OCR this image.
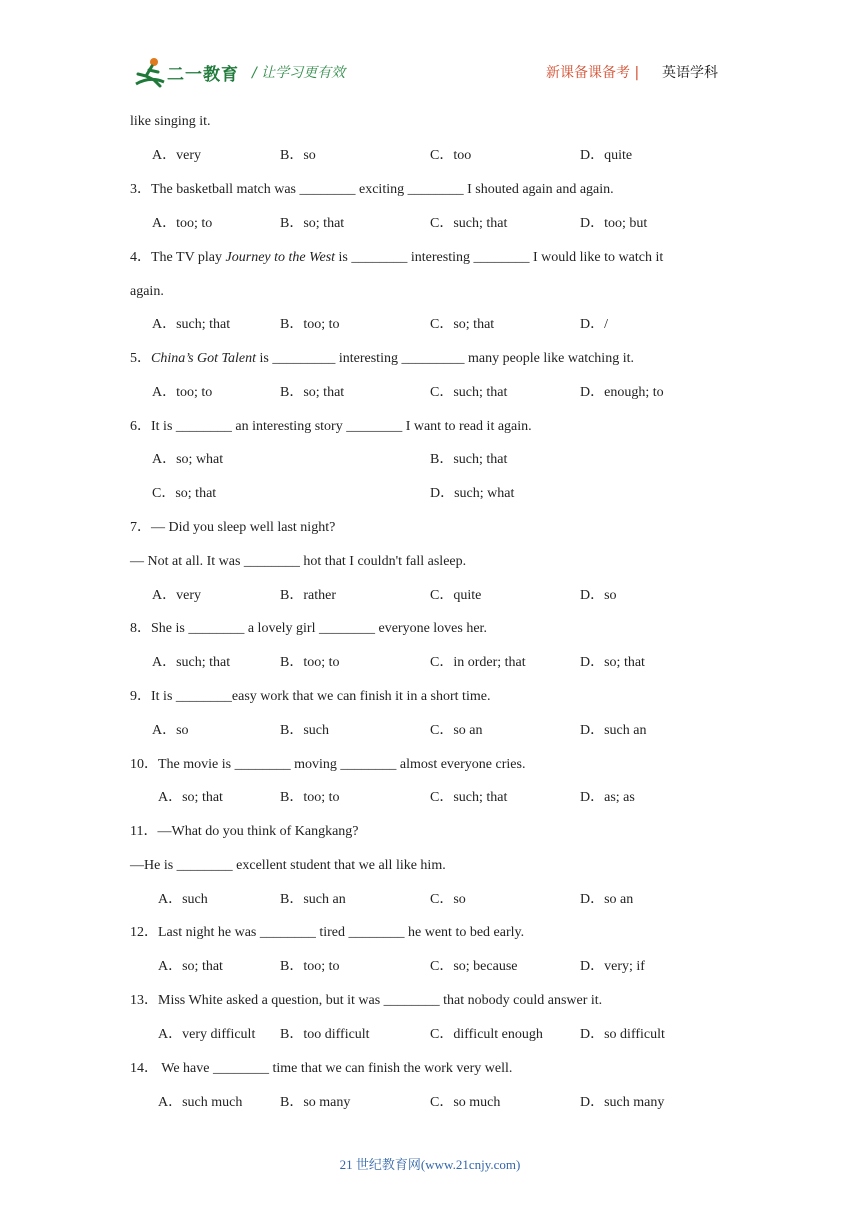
二一教育 / 让学习更有效	新课备课备考 | 英语学科
like singing it.
A．very	B．so	C．too	D．quite
3．The basketball match was ________ exciting ________ I shouted again and again.
A．too; to	B．so; that	C．such; that	D．too; but
4．The TV play Journey to the West is ________ interesting ________ I would like to watch it
again.
A．such; that	B．too; to	C．so; that	D．/
5．China’s Got Talent is _________ interesting _________ many people like watching it.
A．too; to	B．so; that	C．such; that	D．enough; to
6．It is ________ an interesting story ________ I want to read it again.
A．so; what	B．such; that
C．so; that	D．such; what
7．— Did you sleep well last night?
— Not at all. It was ________ hot that I couldn't fall asleep.
A．very	B．rather	C．quite	D．so
8．She is ________ a lovely girl ________ everyone loves her.
A．such; that	B．too; to	C．in order; that	D．so; that
9．It is ________easy work that we can finish it in a short time.
A．so	B．such	C．so an	D．such an
10．The movie is ________ moving ________ almost everyone cries.
A．so; that	B．too; to	C．such; that	D．as; as
11．—What do you think of Kangkang?
—He is ________ excellent student that we all like him.
A．such	B．such an	C．so	D．so an
12．Last night he was ________ tired ________ he went to bed early.
A．so; that	B．too; to	C．so; because	D．very; if
13．Miss White asked a question, but it was ________ that nobody could answer it.
A．very difficult B．too difficult	C．difficult enough	D．so difficult
14． We have ________ time that we can finish the work very well.
A．such much	B．so many	C．so much	D．such many
21 世纪教育网(www.21cnjy.com)
